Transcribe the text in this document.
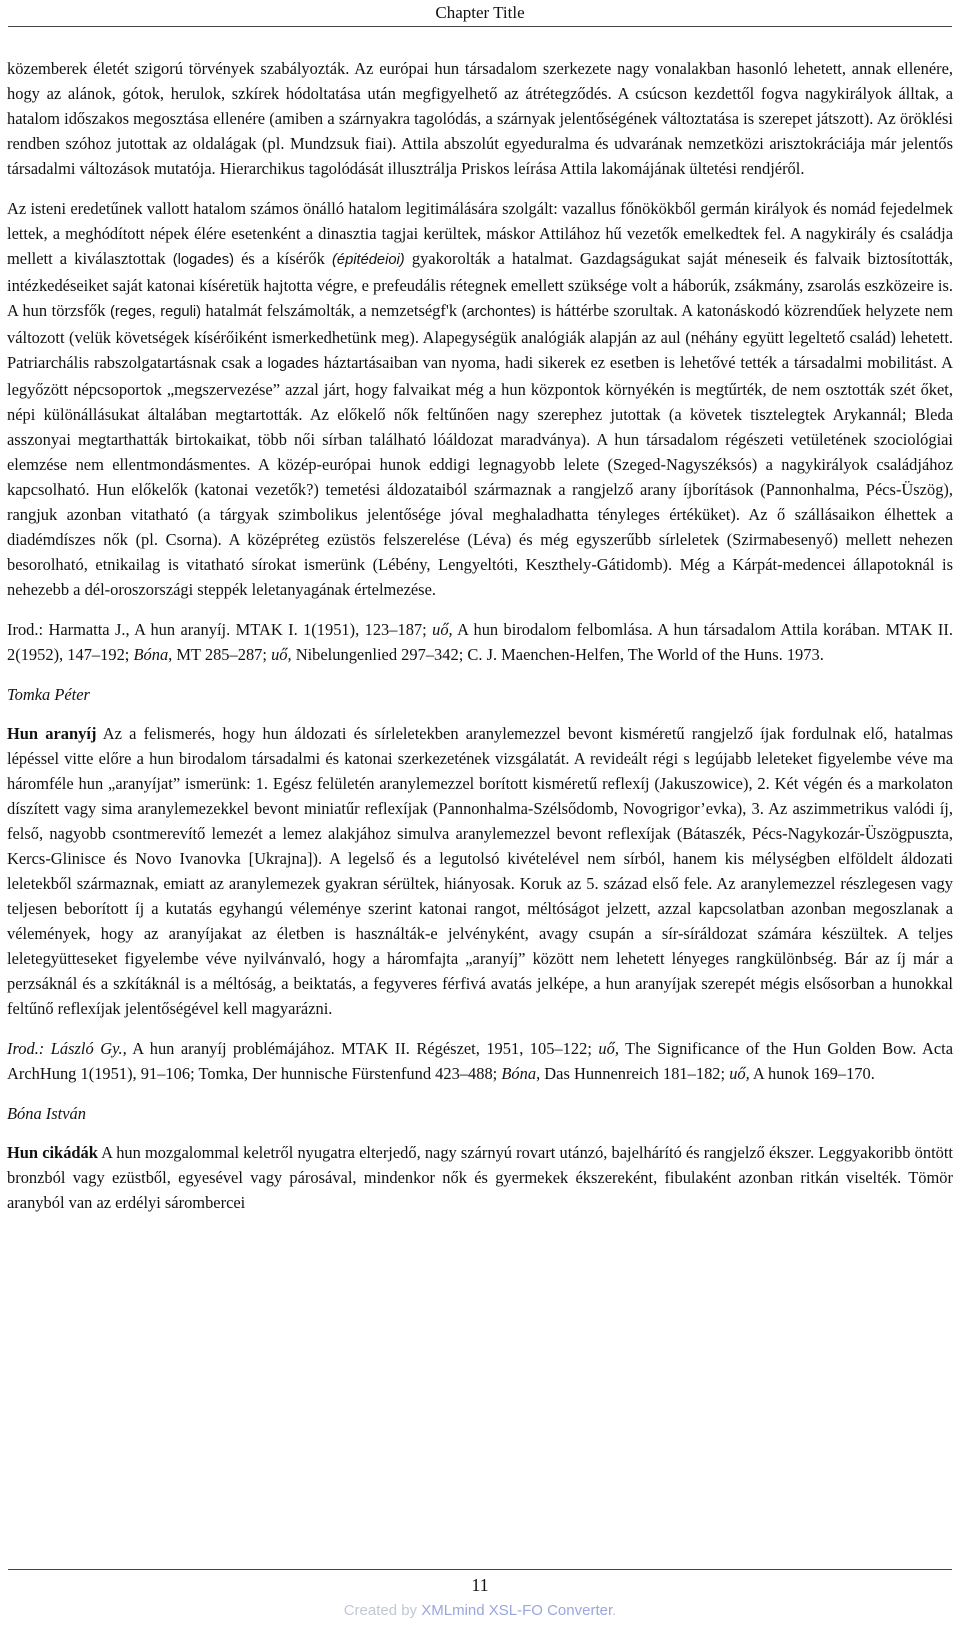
Chapter Title

közemberek életét szigorú törvények szabályozták. Az európai hun társadalom szerkezete nagy vonalakban hasonló lehetett, annak ellenére, hogy az alánok, gótok, herulok, szkírek hódoltatása után megfigyelhető az átrétegződés. A csúcson kezdettől fogva nagykirályok álltak, a hatalom időszakos megosztása ellenére (amiben a szárnyakra tagolódás, a szárnyak jelentőségének változtatása is szerepet játszott). Az öröklési rendben szóhoz jutottak az oldalágak (pl. Mundzsuk fiai). Attila abszolút egyeduralma és udvarának nemzetközi arisztokráciája már jelentős társadalmi változások mutatója. Hierarchikus tagolódását illusztrálja Priskos leírása Attila lakomájának ültetési rendjéről.

Az isteni eredetűnek vallott hatalom számos önálló hatalom legitimálására szolgált: vazallus főnökökből germán királyok és nomád fejedelmek lettek, a meghódított népek élére esetenként a dinasztia tagjai kerültek, máskor Attilához hű vezetők emelkedtek fel. A nagykirály és családja mellett a kiválasztottak (logades) és a kísérők (épitédeioi) gyakorolták a hatalmat. Gazdagságukat saját méneseik és falvaik biztosították, intézkedéseiket saját katonai kíséretük hajtotta végre, e prefeudális rétegnek emellett szüksége volt a háborúk, zsákmány, zsarolás eszközeire is. A hun törzsfők (reges, reguli) hatalmát felszámolták, a nemzetségf'k (archontes) is háttérbe szorultak. A katonáskodó közrendűek helyzete nem változott (velük követségek kísérőiként ismerkedhetünk meg). Alapegységük analógiák alapján az aul (néhány együtt legeltető család) lehetett. Patriarchális rabszolgatartásnak csak a logades háztartásaiban van nyoma, hadi sikerek ez esetben is lehetővé tették a társadalmi mobilitást. A legyőzött népcsoportok „megszervezése” azzal járt, hogy falvaikat még a hun központok környékén is megtűrték, de nem osztották szét őket, népi különállásukat általában megtartották. Az előkelő nők feltűnően nagy szerephez jutottak (a követek tisztelegtek Arykannál; Bleda asszonyai megtarthatták birtokaikat, több női sírban található lóáldozat maradványa). A hun társadalom régészeti vetületének szociológiai elemzése nem ellentmondásmentes. A közép-európai hunok eddigi legnagyobb lelete (Szeged-Nagyszéksós) a nagykirályok családjához kapcsolható. Hun előkelők (katonai vezetők?) temetési áldozataiból származnak a rangjelző arany íjborítások (Pannonhalma, Pécs-Üszög), rangjuk azonban vitatható (a tárgyak szimbolikus jelentősége jóval meghaladhatta tényleges értéküket). Az ő szállásaikon élhettek a diadémdíszes nők (pl. Csorna). A középréteg ezüstös felszerelése (Léva) és még egyszerűbb sírleletek (Szirmabesenyő) mellett nehezen besorolható, etnikailag is vitatható sírokat ismerünk (Lébény, Lengyeltóti, Keszthely-Gátidomb). Még a Kárpát-medencei állapotoknál is nehezebb a dél-oroszországi steppék leletanyagának értelmezése.

Irod.: Harmatta J., A hun aranyíj. MTAK I. 1(1951), 123–187; uő, A hun birodalom felbomlása. A hun társadalom Attila korában. MTAK II. 2(1952), 147–192; Bóna, MT 285–287; uő, Nibelungenlied 297–342; C. J. Maenchen-Helfen, The World of the Huns. 1973.

Tomka Péter

Hun aranyíj Az a felismerés, hogy hun áldozati és sírleletekben aranylemezzel bevont kisméretű rangjelző íjak fordulnak elő, hatalmas lépéssel vitte előre a hun birodalom társadalmi és katonai szerkezetének vizsgálatát. A revideált régi s legújabb leleteket figyelembe véve ma háromféle hun „aranyíjat” ismerünk: 1. Egész felületén aranylemezzel borított kisméretű reflexíj (Jakuszowice), 2. Két végén és a markolaton díszített vagy sima aranylemezekkel bevont miniatűr reflexíjak (Pannonhalma-Szélsődomb, Novogrigor’evka), 3. Az aszimmetrikus valódi íj, felső, nagyobb csontmerevítő lemezét a lemez alakjához simulva aranylemezzel bevont reflexíjak (Bátaszék, Pécs-Nagykozár-Üszögpuszta, Kercs-Glinisce és Novo Ivanovka [Ukrajna]). A legelső és a legutolsó kivételével nem sírból, hanem kis mélységben elföldelt áldozati leletekből származnak, emiatt az aranylemezek gyakran sérültek, hiányosak. Koruk az 5. század első fele. Az aranylemezzel részlegesen vagy teljesen beborított íj a kutatás egyhangú véleménye szerint katonai rangot, méltóságot jelzett, azzal kapcsolatban azonban megoszlanak a vélemények, hogy az aranyíjakat az életben is használták-e jelvényként, avagy csupán a sír-síráldozat számára készültek. A teljes leletegyütteseket figyelembe véve nyilvánvaló, hogy a háromfajta „aranyíj” között nem lehetett lényeges rangkülönbség. Bár az íj már a perzsáknál és a szkítáknál is a méltóság, a beiktatás, a fegyveres férfivá avatás jelképe, a hun aranyíjak szerepét mégis elsősorban a hunokkal feltűnő reflexíjak jelentőségével kell magyarázni.

Irod.: László Gy., A hun aranyíj problémájához. MTAK II. Régészet, 1951, 105–122; uő, The Significance of the Hun Golden Bow. Acta ArchHung 1(1951), 91–106; Tomka, Der hunnische Fürstenfund 423–488; Bóna, Das Hunnenreich 181–182; uő, A hunok 169–170.

Bóna István

Hun cikádák A hun mozgalommal keletről nyugatra elterjedő, nagy szárnyú rovart utánzó, bajelhárító és rangjelző ékszer. Leggyakoribb öntött bronzból vagy ezüstből, egyesével vagy párosával, mindenkor nők és gyermekek ékszereként, fibulaként azonban ritkán viselték. Tömör aranyból van az erdélyi sárombercei

11
Created by XMLmind XSL-FO Converter.
